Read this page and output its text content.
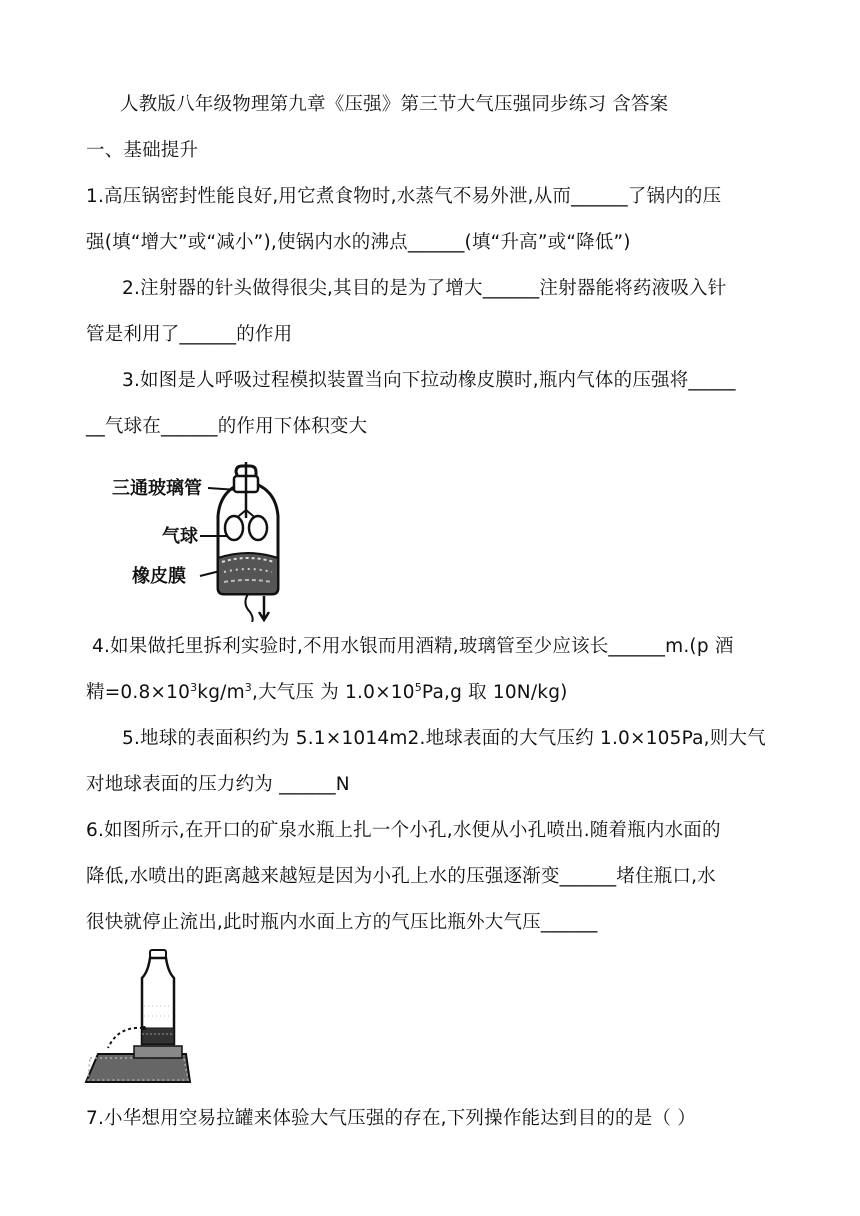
人教版八年级物理第九章《压强》第三节大气压强同步练习 含答案
一、基础提升
1.高压锅密封性能良好,用它煮食物时,水蒸气不易外泄,从而______了锅内的压
强(填“增大”或“减小”),使锅内水的沸点______(填“升高”或“降低”)
2.注射器的针头做得很尖,其目的是为了增大______注射器能将药液吸入针
管是利用了______的作用
3.如图是人呼吸过程模拟装置当向下拉动橡皮膜时,瓶内气体的压强将_____
__气球在______的作用下体积变大
三通玻璃管
气球
橡皮膜
4.如果做托里拆利实验时,不用水银而用酒精,玻璃管至少应该长______m.(p 酒
精$=0.8\times 10^3kg/m^3$,大气压 为 $1.0\times 10^5Pa,g$ 取 10N/kg)
5.地球的表面积约为 5.1×1014m2.地球表面的大气压约 1.0×105Pa,则大气
对地球表面的压力约为 ______N
6.如图所示,在开口的矿泉水瓶上扎一个小孔,水便从小孔喷出.随着瓶内水面的
降低,水喷出的距离越来越短是因为小孔上水的压强逐渐变______堵住瓶口,水
很快就停止流出,此时瓶内水面上方的气压比瓶外大气压______
7.小华想用空易拉罐来体验大气压强的存在,下列操作能达到目的的是（ ）
